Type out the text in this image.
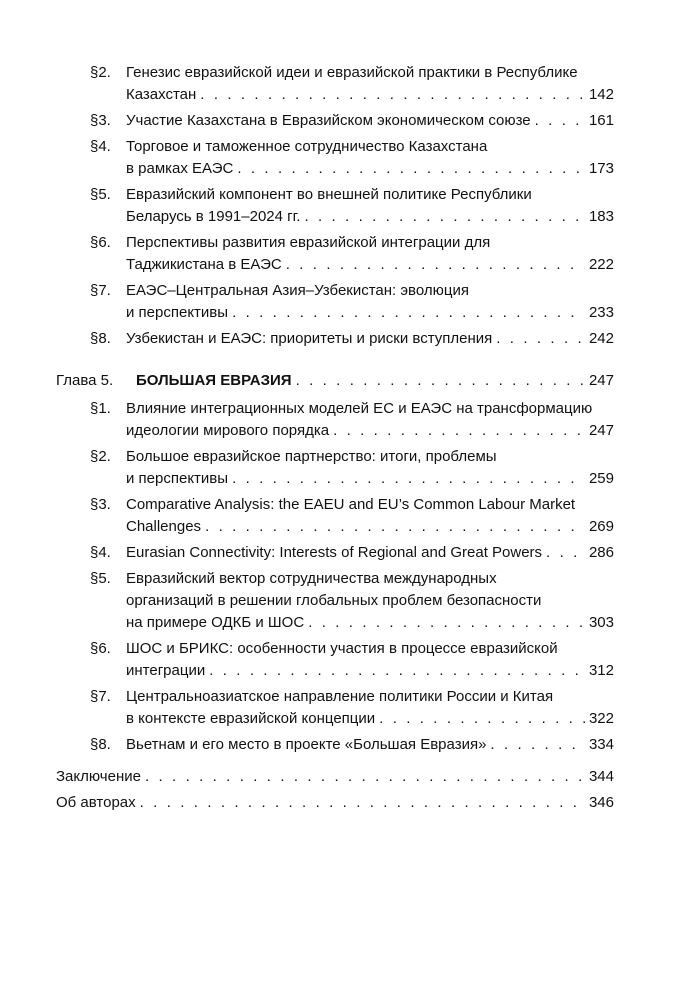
§2.	Генезис евразийской идеи и евразийской практики в Республике
Казахстан . . .	142
§3.	Участие Казахстана в Евразийском экономическом союзе . . .	161
§4.	Торговое и таможенное сотрудничество Казахстана
в рамках ЕАЭС . . .	173
§5.	Евразийский компонент во внешней политике Республики
Беларусь в 1991–2024 гг. . . .	183
§6.	Перспективы развития евразийской интеграции для
Таджикистана в ЕАЭС . . .	222
§7.	ЕАЭС–Центральная Азия–Узбекистан: эволюция
и перспективы . . .	233
§8.	Узбекистан и ЕАЭС: приоритеты и риски вступления . . .	242
Глава 5.	БОЛЬШАЯ ЕВРАЗИЯ . . .	247
§1.	Влияние интеграционных моделей ЕС и ЕАЭС на трансформацию
идеологии мирового порядка . . .	247
§2.	Большое евразийское партнерство: итоги, проблемы
и перспективы . . .	259
§3.	Comparative Analysis: the EAEU and EU’s Common Labour Market
Challenges . . .	269
§4.	Eurasian Connectivity: Interests of Regional and Great Powers . . .	286
§5.	Евразийский вектор сотрудничества международных
организаций в решении глобальных проблем безопасности
на примере ОДКБ и ШОС . . .	303
§6.	ШОС и БРИКС: особенности участия в процессе евразийской
интеграции . . .	312
§7.	Центральноазиатское направление политики России и Китая
в контексте евразийской концепции . . .	322
§8.	Вьетнам и его место в проекте «Большая Евразия» . . .	334
Заключение . . .	344
Об авторах . . .	346
